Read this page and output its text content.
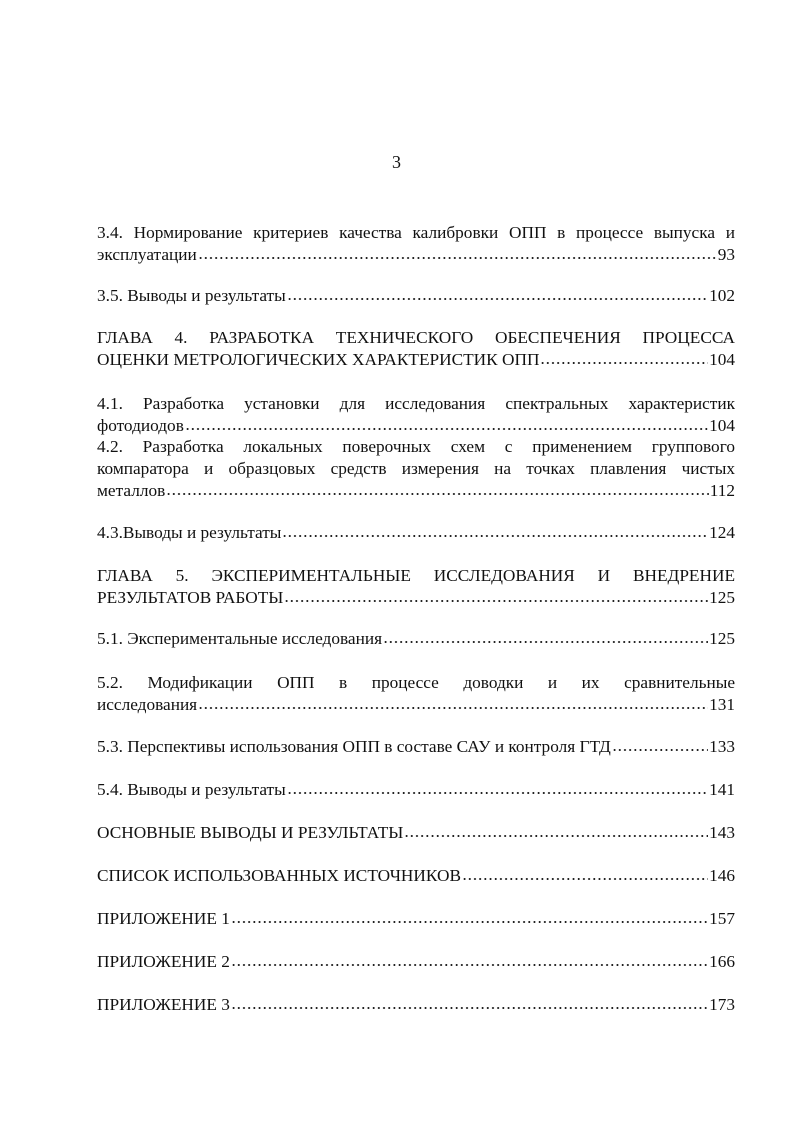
3
3.4. Нормирование критериев качества калибровки ОПП в процессе выпуска и
эксплуатации	93
3.5. Выводы и результаты	102
ГЛАВА 4. РАЗРАБОТКА ТЕХНИЧЕСКОГО ОБЕСПЕЧЕНИЯ ПРОЦЕССА
ОЦЕНКИ МЕТРОЛОГИЧЕСКИХ ХАРАКТЕРИСТИК ОПП	104
4.1. Разработка установки для исследования спектральных характеристик
фотодиодов	104
4.2. Разработка локальных поверочных схем с применением группового
компаратора и образцовых средств измерения на точках плавления чистых
металлов	112
4.3.Выводы и результаты	124
ГЛАВА 5. ЭКСПЕРИМЕНТАЛЬНЫЕ ИССЛЕДОВАНИЯ И ВНЕДРЕНИЕ
РЕЗУЛЬТАТОВ РАБОТЫ	125
5.1. Экспериментальные исследования	125
5.2. Модификации ОПП в процессе доводки и их сравнительные
исследования	131
5.3. Перспективы использования ОПП в составе САУ и контроля ГТД	133
5.4. Выводы и результаты	141
ОСНОВНЫЕ ВЫВОДЫ И РЕЗУЛЬТАТЫ	143
СПИСОК ИСПОЛЬЗОВАННЫХ ИСТОЧНИКОВ	146
ПРИЛОЖЕНИЕ 1	157
ПРИЛОЖЕНИЕ 2	166
ПРИЛОЖЕНИЕ 3	173
